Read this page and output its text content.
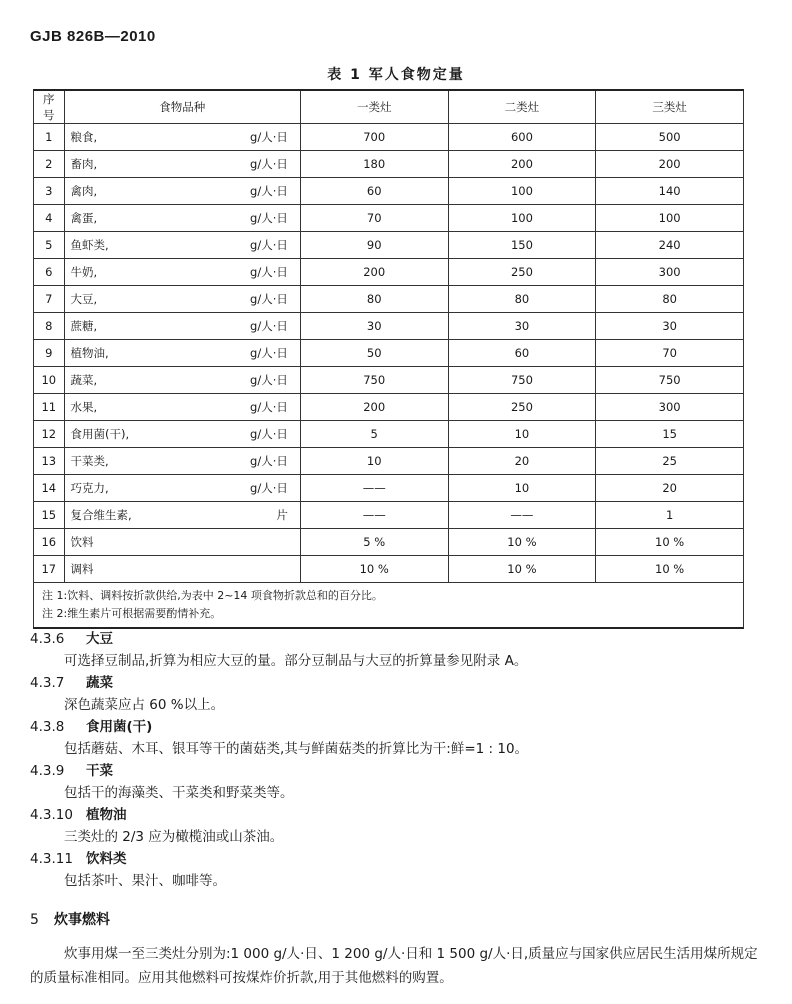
GJB 826B—2010
表 1 军人食物定量
序号	食物品种	一类灶	二类灶	三类灶
1	粮食, g/人·日	700	600	500
2	畜肉, g/人·日	180	200	200
3	禽肉, g/人·日	60	100	140
4	禽蛋, g/人·日	70	100	100
5	鱼虾类, g/人·日	90	150	240
6	牛奶, g/人·日	200	250	300
7	大豆, g/人·日	80	80	80
8	蔗糖, g/人·日	30	30	30
9	植物油, g/人·日	50	60	70
10	蔬菜, g/人·日	750	750	750
11	水果, g/人·日	200	250	300
12	食用菌(干), g/人·日	5	10	15
13	干菜类, g/人·日	10	20	25
14	巧克力, g/人·日	——	10	20
15	复合维生素, 片	——	——	1
16	饮料	5 %	10 %	10 %
17	调料	10 %	10 %	10 %

注 1:饮料、调料按折款供给,为表中 2~14 项食物折款总和的百分比。

注 2:维生素片可根据需要酌情补充。				

4.3.6 大豆

可选择豆制品,折算为相应大豆的量。部分豆制品与大豆的折算量参见附录 A。

4.3.7 蔬菜

深色蔬菜应占 60 %以上。

4.3.8 食用菌(干)

包括蘑菇、木耳、银耳等干的菌菇类,其与鲜菌菇类的折算比为干:鲜=1 : 10。

4.3.9 干菜

包括干的海藻类、干菜类和野菜类等。

4.3.10 植物油

三类灶的 2/3 应为橄榄油或山茶油。

4.3.11 饮料类

包括茶叶、果汁、咖啡等。

5 炊事燃料

炊事用煤一至三类灶分别为:1 000 g/人·日、1 200 g/人·日和 1 500 g/人·日,质量应与国家供应居民生活用煤所规定的质量标准相同。应用其他燃料可按煤炸价折款,用于其他燃料的购置。
